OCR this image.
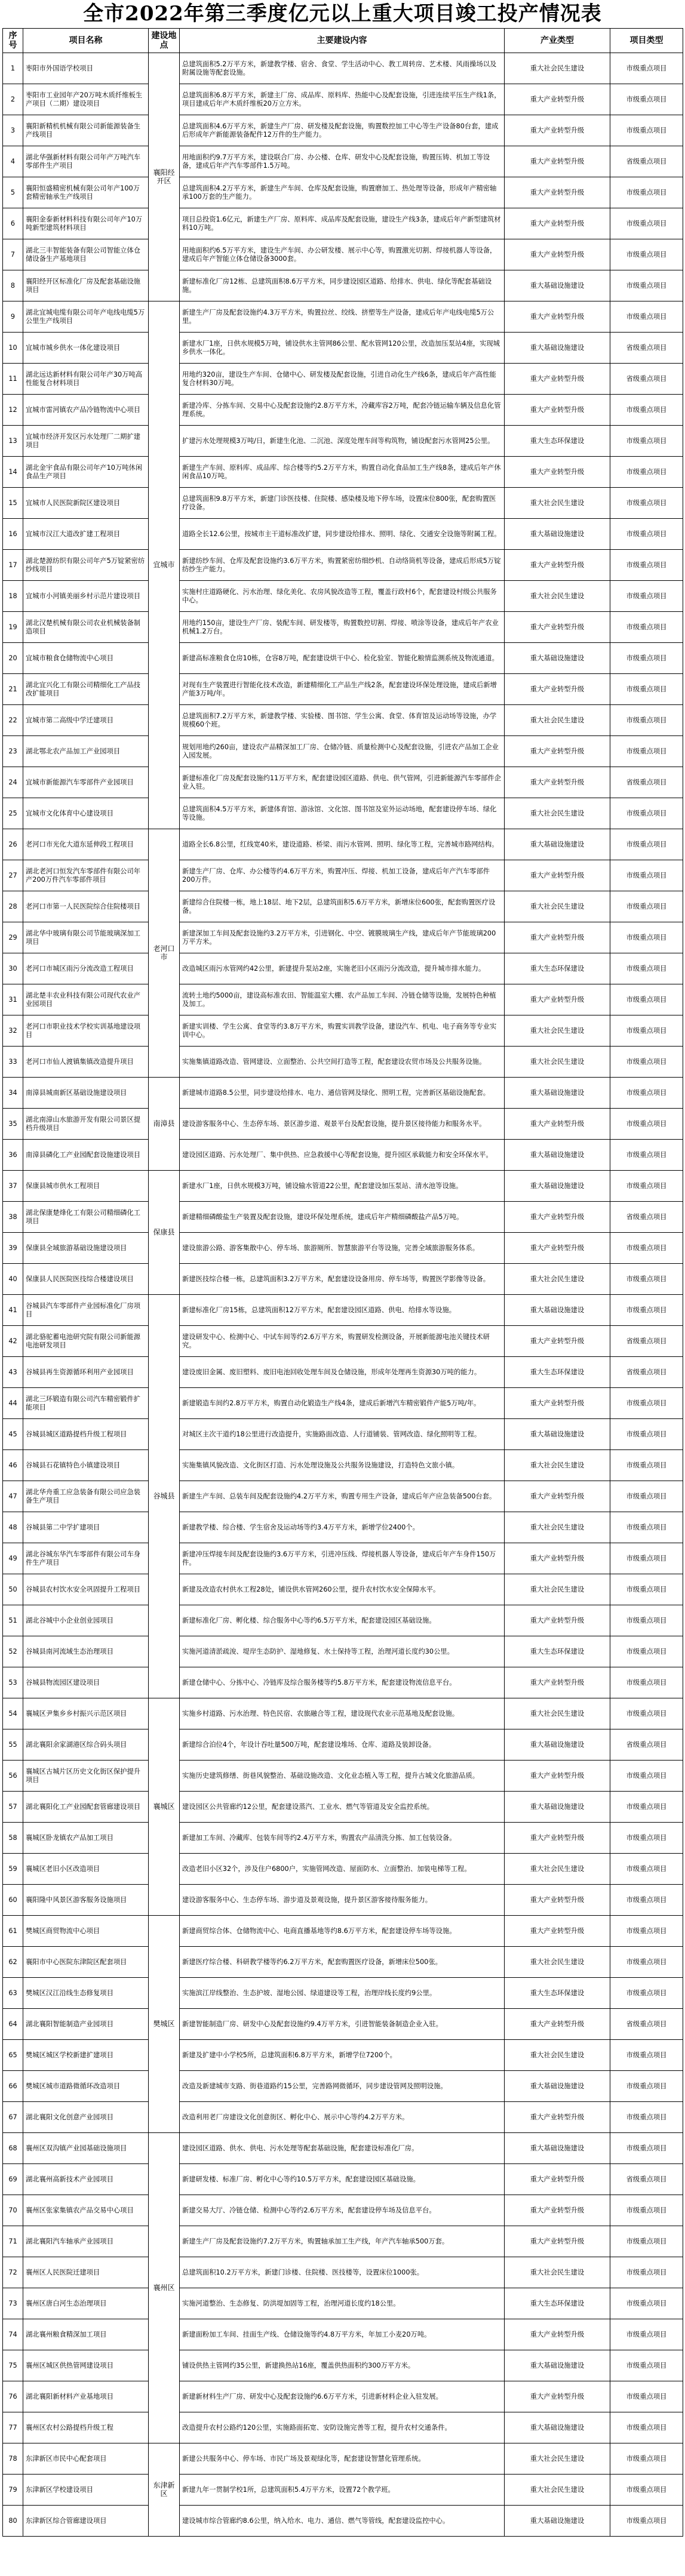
全市2022年第三季度亿元以上重大项目竣工投产情况表
序号	项目名称	建设地点	主要建设内容	产业类型	项目类型
1	枣阳市外国语学校项目	襄阳经开区	总建筑面积5.2万平方米，新建教学楼、宿舍、食堂、学生活动中心、教工周转房、艺术楼、风雨操场以及附属设施等配套设施。	重大社会民生建设	市级重点项目
2	枣阳市工业园年产20万吨木质纤维板生产项目（二期）建设项目		总建筑面积6.8万平方米，新建主厂房、成品库、原料库、热能中心及配套设施，引进连续平压生产线1条，项目建成后年产木质纤维板20万立方米。	重大产业转型升级	市级重点项目
3	襄阳新精机机械有限公司新能源装备生产线项目		总建筑面积4.6万平方米，新建生产厂房、研发楼及配套设施，购置数控加工中心等生产设备80台套，建成后形成年产新能源装备配件12万件的生产能力。	重大产业转型升级	市级重点项目
4	湖北华强新材料有限公司年产万吨汽车零部件生产项目		用地面积约9.7万平方米，建设联合厂房、办公楼、仓库、研发中心及配套设施，购置压铸、机加工等设备，建成后年产汽车零部件1.5万吨。	重大产业转型升级	省级重点项目
5	襄阳恒盛精密机械有限公司年产100万套精密轴承生产线项目		总建筑面积4.2万平方米，新建生产车间、仓库及配套设施，购置磨加工、热处理等设备，形成年产精密轴承100万套的生产能力。	重大产业转型升级	市级重点项目
6	襄阳金泰新材料科技有限公司年产10万吨新型建筑材料项目		项目总投资1.6亿元，新建生产厂房、原料库、成品库及配套设施，建设生产线3条，建成后年产新型建筑材料10万吨。	重大产业转型升级	市级重点项目
7	湖北三丰智能装备有限公司智能立体仓储设备生产基地项目		用地面积约6.5万平方米，建设生产车间、办公研发楼、展示中心等，购置激光切割、焊接机器人等设备，建成后年产智能立体仓储设备3000套。	重大产业转型升级	市级重点项目
8	襄阳经开区标准化厂房及配套基础设施项目		新建标准化厂房12栋、总建筑面积8.6万平方米，同步建设园区道路、给排水、供电、绿化等配套基础设施。	重大基础设施建设	市级重点项目
9	湖北宜城电缆有限公司年产电线电缆5万公里生产线项目	宜城市	新建生产厂房及配套设施约4.3万平方米，购置拉丝、绞线、挤塑等生产设备，建成后年产电线电缆5万公里。	重大产业转型升级	市级重点项目
10	宜城市城乡供水一体化建设项目		新建水厂1座，日供水规模5万吨，铺设供水主管网86公里、配水管网120公里，改造加压泵站4座，实现城乡供水一体化。	重大基础设施建设	省级重点项目
11	湖北远达新材料有限公司年产30万吨高性能复合材料项目		用地约320亩，建设生产车间、仓储中心、研发楼及配套设施，引进自动化生产线6条，建成后年产高性能复合材料30万吨。	重大产业转型升级	省级重点项目
12	宜城市雷河镇农产品冷链物流中心项目		新建冷库、分拣车间、交易中心及配套设施约2.8万平方米，冷藏库容2万吨，配套冷链运输车辆及信息化管理系统。	重大产业转型升级	市级重点项目
13	宜城市经济开发区污水处理厂二期扩建项目		扩建污水处理规模3万吨/日，新建生化池、二沉池、深度处理车间等构筑物，铺设配套污水管网25公里。	重大生态环保建设	市级重点项目
14	湖北金宇食品有限公司年产10万吨休闲食品生产项目		新建生产车间、原料库、成品库、综合楼等约5.2万平方米，购置自动化食品加工生产线8条，建成后年产休闲食品10万吨。	重大产业转型升级	市级重点项目
15	宜城市人民医院新院区建设项目		总建筑面积9.8万平方米，新建门诊医技楼、住院楼、感染楼及地下停车场，设置床位800张，配套购置医疗设备。	重大社会民生建设	市级重点项目
16	宜城市汉江大道改扩建工程项目		道路全长12.6公里，按城市主干道标准改扩建，同步建设给排水、照明、绿化、交通安全设施等附属工程。	重大基础设施建设	市级重点项目
17	湖北楚源纺织有限公司年产5万锭紧密纺纱线项目		新建纺纱车间、仓库及配套设施约3.6万平方米，购置紧密纺细纱机、自动络筒机等设备，建成后形成5万锭纺纱生产能力。	重大产业转型升级	市级重点项目
18	宜城市小河镇美丽乡村示范片建设项目		实施村庄道路硬化、污水治理、绿化美化、农房风貌改造等工程，覆盖行政村6个，配套建设村级公共服务中心。	重大社会民生建设	市级重点项目
19	湖北汉楚机械有限公司农业机械装备制造项目		用地约150亩，建设生产厂房、装配车间、研发楼等，购置数控切割、焊接、喷涂等设备，建成后年产农业机械1.2万台。	重大产业转型升级	市级重点项目
20	宜城市粮食仓储物流中心项目		新建高标准粮食仓房10栋，仓容8万吨，配套建设烘干中心、检化验室、智能化粮情监测系统及物流通道。	重大基础设施建设	市级重点项目
21	湖北宜兴化工有限公司精细化工产品技改扩能项目		对现有生产装置进行智能化技术改造，新建精细化工产品生产线2条，配套建设环保处理设施，建成后新增产能3万吨/年。	重大产业转型升级	市级重点项目
22	宜城市第二高级中学迁建项目		总建筑面积7.2万平方米，新建教学楼、实验楼、图书馆、学生公寓、食堂、体育馆及运动场等设施，办学规模60个班。	重大社会民生建设	市级重点项目
23	湖北鄂北农产品加工产业园项目		规划用地约260亩，建设农产品精深加工厂房、仓储冷链、质量检测中心及配套设施，引进农产品加工企业入园发展。	重大产业转型升级	市级重点项目
24	宜城市新能源汽车零部件产业园项目		新建标准化厂房及配套设施约11万平方米，配套建设园区道路、供电、供气管网，引进新能源汽车零部件企业入驻。	重大产业转型升级	省级重点项目
25	宜城市文化体育中心建设项目		总建筑面积4.5万平方米，新建体育馆、游泳馆、文化馆、图书馆及室外运动场地，配套建设停车场、绿化等设施。	重大社会民生建设	市级重点项目
26	老河口市光化大道东延伸段工程项目	老河口市	道路全长6.8公里，红线宽40米，建设道路、桥梁、雨污水管网、照明、绿化等工程，完善城市路网结构。	重大基础设施建设	市级重点项目
27	湖北老河口恒发汽车零部件有限公司年产200万件汽车零部件项目		新建生产厂房、仓库、办公楼等约4.6万平方米，购置冲压、焊接、机加工设备，建成后年产汽车零部件200万件。	重大产业转型升级	市级重点项目
28	老河口市第一人民医院综合住院楼项目		新建综合住院楼一栋，地上18层、地下2层，总建筑面积5.6万平方米，新增床位600张，配套购置医疗设备。	重大社会民生建设	市级重点项目
29	湖北华中玻璃有限公司节能玻璃深加工项目		新建深加工车间及配套设施约3.2万平方米，引进钢化、中空、镀膜玻璃生产线，建成后年产节能玻璃200万平方米。	重大产业转型升级	市级重点项目
30	老河口市城区雨污分流改造工程项目		改造城区雨污水管网约42公里，新建提升泵站2座，实施老旧小区雨污分流改造，提升城市排水能力。	重大生态环保建设	市级重点项目
31	湖北楚丰农业科技有限公司现代农业产业园项目		流转土地约5000亩，建设高标准农田、智能温室大棚、农产品加工车间、冷链仓储等设施，发展特色种植及加工。	重大产业转型升级	市级重点项目
32	老河口市职业技术学校实训基地建设项目		新建实训楼、学生公寓、食堂等约3.8万平方米，购置实训教学设备，建设汽车、机电、电子商务等专业实训中心。	重大社会民生建设	市级重点项目
33	老河口市仙人渡镇集镇改造提升项目		实施集镇道路改造、管网建设、立面整治、公共空间打造等工程，配套建设农贸市场及公共服务设施。	重大社会民生建设	市级重点项目
34	南漳县城南新区基础设施建设项目	南漳县	新建城市道路8.5公里，同步建设给排水、电力、通信管网及绿化、照明工程，完善新区基础设施配套。	重大基础设施建设	市级重点项目
35	湖北南漳山水旅游开发有限公司景区提档升级项目		建设游客服务中心、生态停车场、景区游步道、观景平台及配套设施，提升景区接待能力和服务水平。	重大产业转型升级	市级重点项目
36	南漳县磷化工产业园配套设施建设项目		建设园区道路、污水处理厂、集中供热、应急救援中心等配套设施，提升园区承载能力和安全环保水平。	重大基础设施建设	市级重点项目
37	保康县城市供水工程项目	保康县	新建水厂1座，日供水规模3万吨，铺设输水管道22公里，配套建设加压泵站、清水池等设施。	重大基础设施建设	市级重点项目
38	湖北保康楚烽化工有限公司精细磷化工项目		新建精细磷酸盐生产装置及配套设施，建设环保处理系统，建成后年产精细磷酸盐产品5万吨。	重大产业转型升级	省级重点项目
39	保康县全域旅游基础设施建设项目		建设旅游公路、游客集散中心、停车场、旅游厕所、智慧旅游平台等设施，完善全域旅游服务体系。	重大产业转型升级	市级重点项目
40	保康县人民医院医技综合楼建设项目		新建医技综合楼一栋，总建筑面积3.2万平方米，配套建设设备用房、停车场等，购置医学影像等设备。	重大社会民生建设	市级重点项目
41	谷城县汽车零部件产业园标准化厂房项目	谷城县	新建标准化厂房15栋，总建筑面积12万平方米，配套建设园区道路、供电、给排水等设施。	重大基础设施建设	市级重点项目
42	湖北骆驼蓄电池研究院有限公司新能源电池研发项目		建设研发中心、检测中心、中试车间等约2.6万平方米，购置研发检测设备，开展新能源电池关键技术研究。	重大产业转型升级	省级重点项目
43	谷城县再生资源循环利用产业园项目		建设废旧金属、废旧塑料、废旧电池回收处理车间及仓储设施，形成年处理再生资源30万吨的能力。	重大生态环保建设	省级重点项目
44	湖北三环锻造有限公司汽车精密锻件扩能项目		新建锻造车间约2.8万平方米，购置自动化锻造生产线4条，建成后新增汽车精密锻件产能5万吨/年。	重大产业转型升级	市级重点项目
45	谷城县城区道路提档升级工程项目		对城区主次干道约18公里进行改造提升，实施路面改造、人行道铺装、管网改造、绿化照明等工程。	重大基础设施建设	市级重点项目
46	谷城县石花镇特色小镇建设项目		实施集镇风貌改造、文化街区打造、污水处理设施及公共服务设施建设，打造特色文旅小镇。	重大社会民生建设	市级重点项目
47	湖北华舟重工应急装备有限公司应急装备生产项目		新建生产车间、总装车间及配套设施约4.2万平方米，购置专用生产设备，建成后年产应急装备500台套。	重大产业转型升级	市级重点项目
48	谷城县第二中学扩建项目		新建教学楼、综合楼、学生宿舍及运动场等约3.4万平方米，新增学位2400个。	重大社会民生建设	市级重点项目
49	湖北谷城东华汽车零部件有限公司车身件生产项目		新建冲压焊接车间及配套设施约3.6万平方米，引进冲压线、焊接机器人等设备，建成后年产车身件150万件。	重大产业转型升级	市级重点项目
50	谷城县农村饮水安全巩固提升工程项目		新建及改造农村供水工程28处，铺设供水管网260公里，提升农村饮水安全保障水平。	重大社会民生建设	市级重点项目
51	湖北谷城中小企业创业园项目		新建标准化厂房、孵化楼、综合服务中心等约6.5万平方米，配套建设园区基础设施。	重大产业转型升级	市级重点项目
52	谷城县南河流域生态治理项目		实施河道清淤疏浚、堤岸生态防护、湿地修复、水土保持等工程，治理河道长度约30公里。	重大生态环保建设	市级重点项目
53	谷城县物流园区建设项目		新建仓储中心、分拣中心、冷链库及综合服务楼等约5.8万平方米，配套建设物流信息平台。	重大产业转型升级	市级重点项目
54	襄城区尹集乡乡村振兴示范区项目	襄城区	实施乡村道路、污水治理、特色民宿、农旅融合等工程，建设现代农业示范基地及配套设施。	重大社会民生建设	市级重点项目
55	湖北襄阳余家湖港区综合码头项目		新建综合泊位4个，年设计吞吐量500万吨，配套建设堆场、仓库、道路及装卸设备。	重大基础设施建设	省级重点项目
56	襄城区古城片区历史文化街区保护提升项目		实施历史建筑修缮、街巷风貌整治、基础设施改造、文化业态植入等工程，提升古城文化旅游品质。	重大产业转型升级	市级重点项目
57	湖北襄阳化工产业园配套管廊建设项目		建设园区公共管廊约12公里，配套建设蒸汽、工业水、燃气等管道及安全监控系统。	重大基础设施建设	市级重点项目
58	襄城区卧龙镇农产品加工项目		新建加工车间、冷藏库、包装车间等约2.4万平方米，购置农产品清洗分拣、加工包装设备。	重大产业转型升级	市级重点项目
59	襄城区老旧小区改造项目		改造老旧小区32个，涉及住户6800户，实施管网改造、屋面防水、立面整治、加装电梯等工程。	重大社会民生建设	市级重点项目
60	襄阳隆中风景区游客服务设施项目		建设游客服务中心、生态停车场、游步道及景观设施，提升景区游客接待服务能力。	重大产业转型升级	市级重点项目
61	樊城区商贸物流中心项目	樊城区	新建商贸综合体、仓储物流中心、电商直播基地等约8.6万平方米，配套建设停车场等设施。	重大产业转型升级	市级重点项目
62	襄阳市中心医院东津院区配套项目		新建医疗综合楼、科研教学楼等约6.2万平方米，配套购置医疗设备，新增床位500张。	重大社会民生建设	市级重点项目
63	樊城区汉江沿线生态修复项目		实施滨江岸线整治、生态护坡、湿地公园、绿道建设等工程，治理岸线长度约9公里。	重大生态环保建设	市级重点项目
64	湖北襄阳智能制造产业园项目		新建智能制造厂房、研发中心及配套设施约9.4万平方米，引进智能装备制造企业入驻。	重大产业转型升级	省级重点项目
65	樊城区城区学校新建扩建项目		新建及扩建中小学校5所，总建筑面积6.8万平方米，新增学位7200个。	重大社会民生建设	市级重点项目
66	樊城区城市道路微循环改造项目		改造及新建城市支路、街巷道路约15公里，完善路网微循环，同步建设管网及照明设施。	重大基础设施建设	市级重点项目
67	湖北襄阳文化创意产业园项目		改造利用老厂房建设文化创意街区、孵化中心、展示中心等约4.2万平方米。	重大产业转型升级	市级重点项目
68	襄州区双沟镇产业园基础设施项目	襄州区	建设园区道路、供水、供电、污水处理等配套基础设施，配套建设标准化厂房。	重大基础设施建设	市级重点项目
69	湖北襄州高新技术产业园项目		新建研发楼、标准厂房、孵化中心等约10.5万平方米，配套建设园区基础设施。	重大产业转型升级	省级重点项目
70	襄州区张家集镇农产品交易中心项目		新建交易大厅、冷链仓储、检测中心等约2.6万平方米，配套建设停车场及信息平台。	重大产业转型升级	市级重点项目
71	湖北襄阳汽车轴承产业园项目		新建生产厂房及配套设施约7.2万平方米，购置轴承加工生产线，年产汽车轴承500万套。	重大产业转型升级	市级重点项目
72	襄州区人民医院迁建项目		总建筑面积10.2万平方米，新建门诊楼、住院楼、医技楼等，设置床位1000张。	重大社会民生建设	市级重点项目
73	襄州区唐白河生态治理项目		实施河道整治、生态修复、防洪堤加固等工程，治理河道长度约18公里。	重大生态环保建设	市级重点项目
74	湖北襄州粮食精深加工项目		新建面粉加工车间、挂面生产线、仓储设施等约4.8万平方米，年加工小麦20万吨。	重大产业转型升级	市级重点项目
75	襄州区城区供热管网建设项目		铺设供热主管网约35公里，新建换热站16座，覆盖供热面积约300万平方米。	重大基础设施建设	市级重点项目
76	湖北襄阳新材料产业基地项目		新建新材料生产厂房、研发中心及配套设施约6.6万平方米，引进新材料企业入驻发展。	重大产业转型升级	市级重点项目
77	襄州区农村公路提档升级工程		改造提升农村公路约120公里，实施路面拓宽、安防设施完善等工程，提升农村交通条件。	重大基础设施建设	市级重点项目
78	东津新区市民中心配套项目	东津新区	新建公共服务中心、停车场、市民广场及景观绿化等，配套建设智慧化管理系统。	重大社会民生建设	市级重点项目
79	东津新区学校建设项目		新建九年一贯制学校1所，总建筑面积5.4万平方米，设置72个教学班。	重大社会民生建设	市级重点项目
80	东津新区综合管廊建设项目		建设城市综合管廊约8.6公里，纳入给水、电力、通信、燃气等管线，配套建设监控中心。	重大基础设施建设	市级重点项目
